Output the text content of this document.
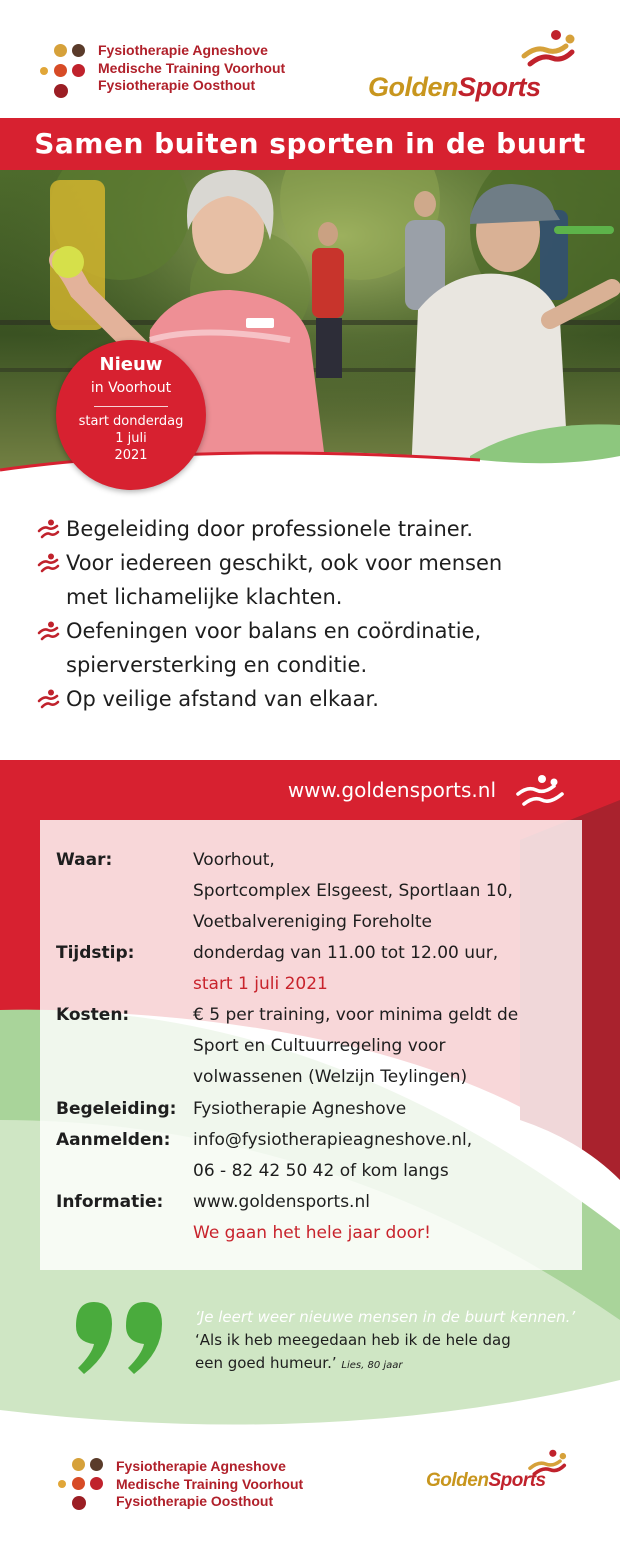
Fysiotherapie Agneshove
Medische Training Voorhout
Fysiotherapie Oosthout	GoldenSports
Samen buiten sporten in de buurt
Nieuw
in Voorhout
start donderdag
1 juli
2021
Begeleiding door professionele trainer.
Voor iedereen geschikt, ook voor mensen
met lichamelijke klachten.
Oefeningen voor balans en coördinatie,
spierversterking en conditie.
Op veilige afstand van elkaar.
www.goldensports.nl
Waar:	Voorhout,
Sportcomplex Elsgeest, Sportlaan 10,
Voetbalvereniging Foreholte
Tijdstip:	donderdag van 11.00 tot 12.00 uur,
start 1 juli 2021
Kosten:	€ 5 per training, voor minima geldt de
Sport en Cultuurregeling voor
volwassenen (Welzijn Teylingen)
Begeleiding: Fysiotherapie Agneshove
Aanmelden: info@fysiotherapieagneshove.nl,
06 - 82 42 50 42 of kom langs
Informatie: www.goldensports.nl
We gaan het hele jaar door!
‘Je leert weer nieuwe mensen in de buurt kennen.’
‘Als ik heb meegedaan heb ik de hele dag
een goed humeur.’ Lies, 80 jaar
Fysiotherapie Agneshove
Medische Training Voorhout
Fysiotherapie Oosthout
GoldenSports
